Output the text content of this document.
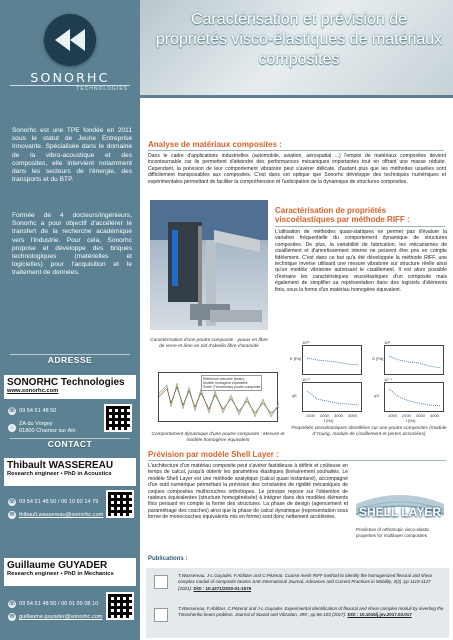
SONORHC
TECHNOLOGIES
Sonorhc est une TPE fondée en 2011 sous le statut de Jeune Entreprise Innovante. Spécialisée dans le domaine de la vibro-acoustique et des composites, elle intervient notamment dans les secteurs de l'énergie, des transports et du BTP.
Formée de 4 docteurs/ingénieurs, Sonorhc a pour objectif d'accélérer le transfert de la recherche académique vers l'industrie. Pour cela, Sonorhc propose et développe des briques technologiques (matérielles et logicielles) pour l'acquisition et le traitement de données.
ADRESSE
SONORHC Technologies
www.sonorhc.com
☏ 09 54 51 48 50
⌂
ZA du Vorgey
01800 Chamoz sur Ain
CONTACT
Thibault WASSEREAU
Research engineer • PhD in Acoustics
☏ 09 54 51 48 50 / 06 10 60 14 79
✉ thibault.wassereau@sonorhc.com
Guillaume GUYADER
Research engineer • PhD in Mechanics
☏ 09 54 51 48 50 / 06 01 09 08 10
✉ guillaume.guyader@sonorhc.com
Caractérisation et prévision de propriétés visco-élastiques de matériaux composites
Analyse de matériaux composites :
Dans le cadre d'applications industrielles (automobile, aviation, aérospatial ...) l'emploi de matériaux composites devient incontournable car ils permettent d'atteindre des performances mécaniques importantes tout en offrant une masse réduite. Cependant, la prévision de leur comportement vibratoire peut s'avérer délicate, d'autant plus que les méthodes usuelles sont difficilement transposables aux composites. C'est dans cet optique que Sonorhc développe des techniques numériques et expérimentales permettant de faciliter la compréhension et l'anticipation de la dynamique de structures composites.
Caractérisation d'une poutre composite : peaux en fibre de verre et âme en nid d'abeille fibre d'aramide
Caractérisation de propriétés viscoélastiques par méthode RIFF :
L'utilisation de méthodes quasi-statiques ne permet pas d'évaluer la variation fréquentielle du comportement dynamique de structures composites. De plus, la variabilité de fabrication, les mécanismes de cisaillement et d'amortissement interne ne peuvent être pris en compte fidèlement. C'est dans ce but qu'a été développée la méthode RIFF, une technique inverse utilisant une mesure vibratoire sur structure réelle ainsi qu'un modèle vibratoire autorisant le cisaillement. Il est alors possible d'extraire les caractéristiques viscoélastiques d'un composite mais également de simplifier sa représentation dans des logiciels d'éléments finis, sous la forme d'un matériau homogène équivalent.
Référence mesurée (beam)
Modèle homogène équivalent
Sortie (Timoshenko) poutre composite
Comportement dynamique d'une poutre composite : Mesure et modèle homogène équivalent
E [Pa]
10¹⁰
G [Pa]
10⁸
ηE
10⁻²
ηG
10⁻¹
1000 2000 3000 4000	1000 2000 3000 4000
f [Hz]	f [Hz]
Propriétés viscoélastiques identifiées sur une poutre composites (module d'Young, module de cisaillement et pertes associées)
Prévision par modèle Shell Layer :
L'architecture d'un matériau composite peut s'avérer fastidieuse à définir et coûteuse en temps de calcul, jusqu'à obtenir les paramètres élastiques (linéairement souhaités. Le modèle Shell Layer est une méthode analytique (calcul quasi instantané), accompagné d'un outil numérique permettant la prévision des constantes de rigidité mécaniques de coques composites multicouches orthotropes. Le principe repose sur l'obtention de raideurs équivalentes (structure homogénéisée) à intégrer dans des modèles éléments finis pensant en compte la forme des structures. La phase de design (agencement et paramétrage des couches) ainsi que la phase de calcul dynamique (représentation sous forme de monocouches équivalents mis en forme) sont donc nettement accélérées.	SHELL LAYER
Prediction of orthotropic visco-elastic properties for multilayer composites
Publications :
T.Wassereau, J-L.Guyader, F.Ablitzer and C.Pézerat. Coarse mesh RIFF method to identify the homogenized flexural and shear complex moduli of composite beams SAE International Journal, Advances and Current Practices in Mobility, 3(2) :pp 1119-1127 (2021). DOI : 10.4271/2020-01-1579
T.Wassereau, F.Ablitzer, C.Pézerat and J-L.Guyader. Experimental identification of flexural and shear complex moduli by inverting the Timoshenko beam problem. Journal of Sound and Vibration, 399 : pp 86-103 (2017). DOI : 10.1016/j.jsv.2017.03.017
